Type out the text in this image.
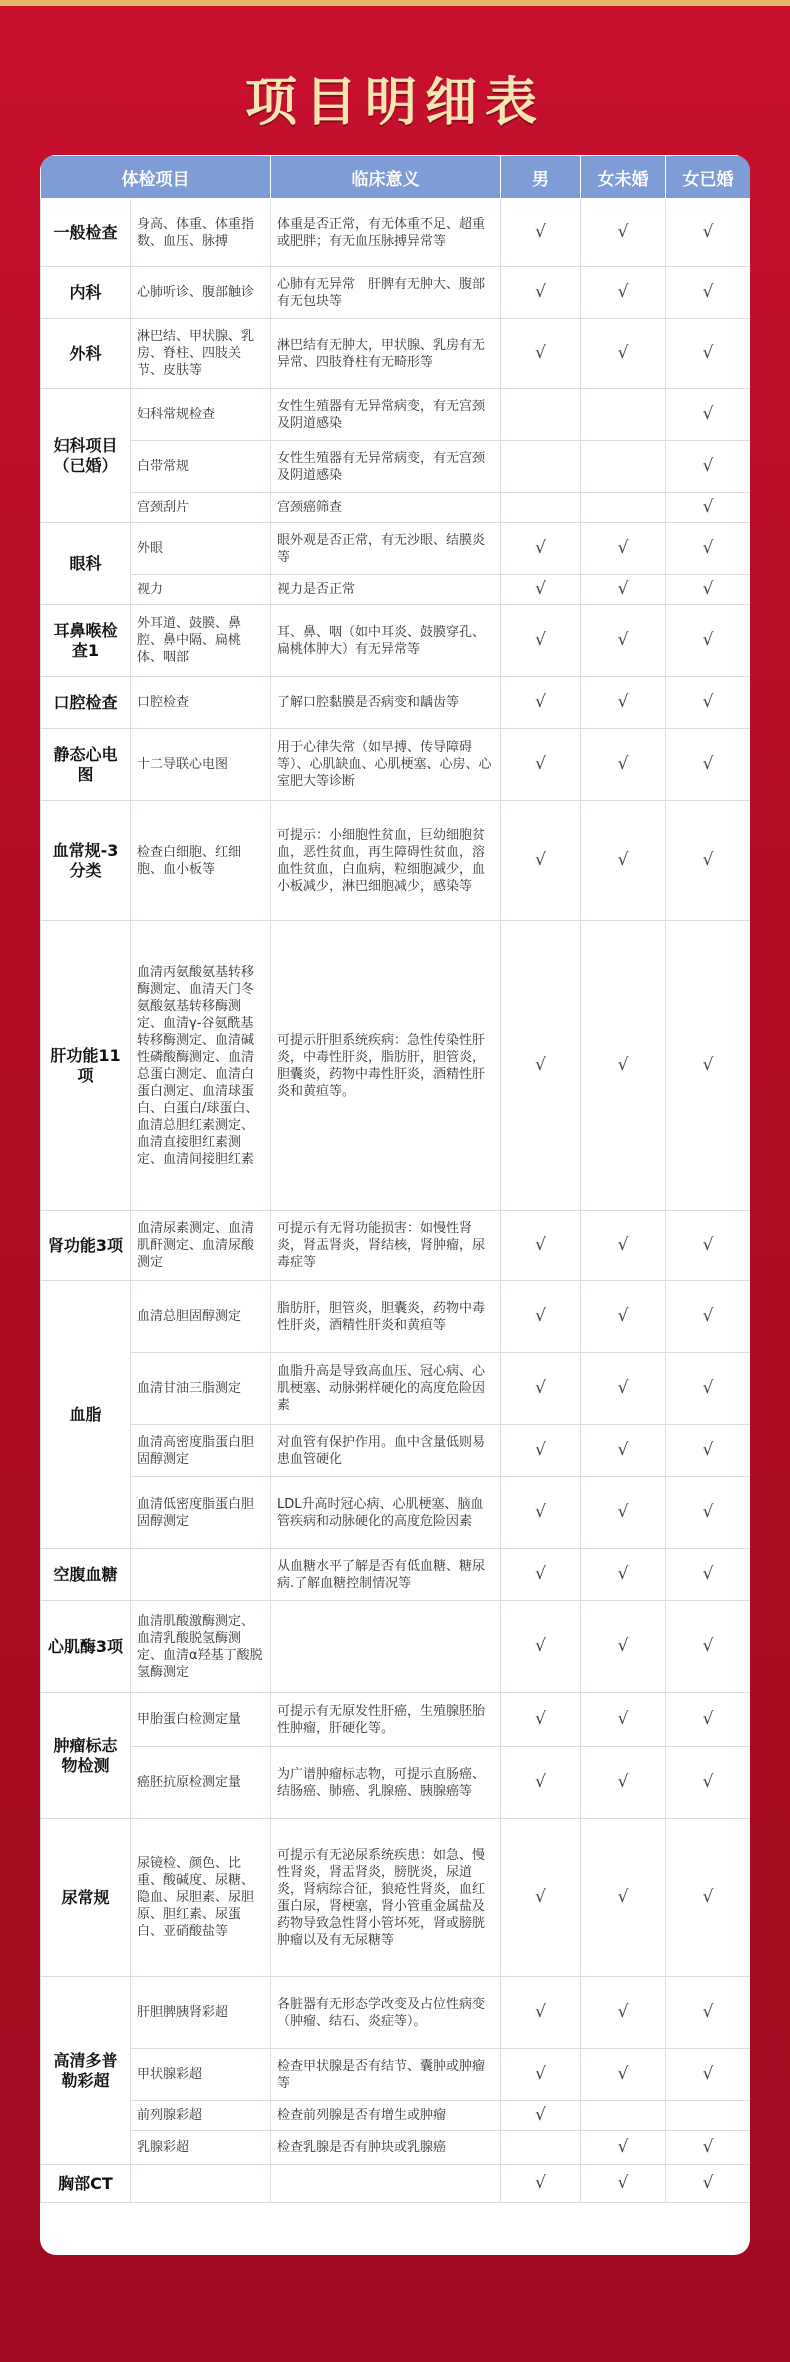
项目明细表
体检项目		临床意义	男	女未婚	女已婚
一般检查	身高、体重、体重指数、血压、脉搏	体重是否正常，有无体重不足、超重或肥胖；有无血压脉搏异常等	√	√	√
内科	心肺听诊、腹部触诊	心肺有无异常　肝脾有无肿大、腹部有无包块等	√	√	√
外科	淋巴结、甲状腺、乳房、脊柱、四肢关节、皮肤等	淋巴结有无肿大，甲状腺、乳房有无异常、四肢脊柱有无畸形等	√	√	√
妇科项目（已婚）	妇科常规检查	女性生殖器有无异常病变，有无宫颈及阴道感染			√
	白带常规	女性生殖器有无异常病变，有无宫颈及阴道感染			√
	宫颈刮片	宫颈癌筛查			√
眼科	外眼	眼外观是否正常，有无沙眼、结膜炎等	√	√	√
	视力	视力是否正常	√	√	√
耳鼻喉检查1	外耳道、鼓膜、鼻腔、鼻中隔、扁桃体、咽部	耳、鼻、咽（如中耳炎、鼓膜穿孔、扁桃体肿大）有无异常等	√	√	√
口腔检查	口腔检查	了解口腔黏膜是否病变和龋齿等	√	√	√
静态心电图	十二导联心电图	用于心律失常（如早搏、传导障碍等）、心肌缺血、心肌梗塞、心房、心室肥大等诊断	√	√	√
血常规-3分类	检查白细胞、红细胞、血小板等	可提示：小细胞性贫血，巨幼细胞贫血，恶性贫血，再生障碍性贫血，溶血性贫血，白血病，粒细胞减少，血小板减少，淋巴细胞减少，感染等	√	√	√
肝功能11项	血清丙氨酸氨基转移酶测定、血清天门冬氨酸氨基转移酶测定、血清γ-谷氨酰基转移酶测定、血清碱性磷酸酶测定、血清总蛋白测定、血清白蛋白测定、血清球蛋白、白蛋白/球蛋白、血清总胆红素测定、血清直接胆红素测定、血清间接胆红素	可提示肝胆系统疾病：急性传染性肝炎，中毒性肝炎，脂肪肝，胆管炎，胆囊炎，药物中毒性肝炎，酒精性肝炎和黄疸等。	√	√	√
肾功能3项	血清尿素测定、血清肌酐测定、血清尿酸测定	可提示有无肾功能损害：如慢性肾炎，肾盂肾炎，肾结核，肾肿瘤，尿毒症等	√	√	√
血脂	血清总胆固醇测定	脂肪肝，胆管炎，胆囊炎，药物中毒性肝炎，酒精性肝炎和黄疸等	√	√	√
	血清甘油三脂测定	血脂升高是导致高血压、冠心病、心肌梗塞、动脉粥样硬化的高度危险因素	√	√	√
	血清高密度脂蛋白胆固醇测定	对血管有保护作用。血中含量低则易患血管硬化	√	√	√
	血清低密度脂蛋白胆固醇测定	LDL升高时冠心病、心肌梗塞、脑血管疾病和动脉硬化的高度危险因素	√	√	√
空腹血糖		从血糖水平了解是否有低血糖、糖尿病.了解血糖控制情况等	√	√	√
心肌酶3项	血清肌酸激酶测定、血清乳酸脱氢酶测定、血清α羟基丁酸脱氢酶测定		√	√	√
肿瘤标志物检测	甲胎蛋白检测定量	可提示有无原发性肝癌，生殖腺胚胎性肿瘤，肝硬化等。	√	√	√
	癌胚抗原检测定量	为广谱肿瘤标志物，可提示直肠癌、结肠癌、肺癌、乳腺癌、胰腺癌等	√	√	√
尿常规	尿镜检、颜色、比重、酸碱度、尿糖、隐血、尿胆素、尿胆原、胆红素、尿蛋白、亚硝酸盐等	可提示有无泌尿系统疾患：如急、慢性肾炎，肾盂肾炎，膀胱炎，尿道炎，肾病综合征，狼疮性肾炎，血红蛋白尿，肾梗塞，肾小管重金属盐及药物导致急性肾小管坏死，肾或膀胱肿瘤以及有无尿糖等	√	√	√
高清多普勒彩超	肝胆脾胰肾彩超	各脏器有无形态学改变及占位性病变（肿瘤、结石、炎症等）。	√	√	√
	甲状腺彩超	检查甲状腺是否有结节、囊肿或肿瘤等	√	√	√
	前列腺彩超	检查前列腺是否有增生或肿瘤	√		
	乳腺彩超	检查乳腺是否有肿块或乳腺癌		√	√
胸部CT			√	√	√
